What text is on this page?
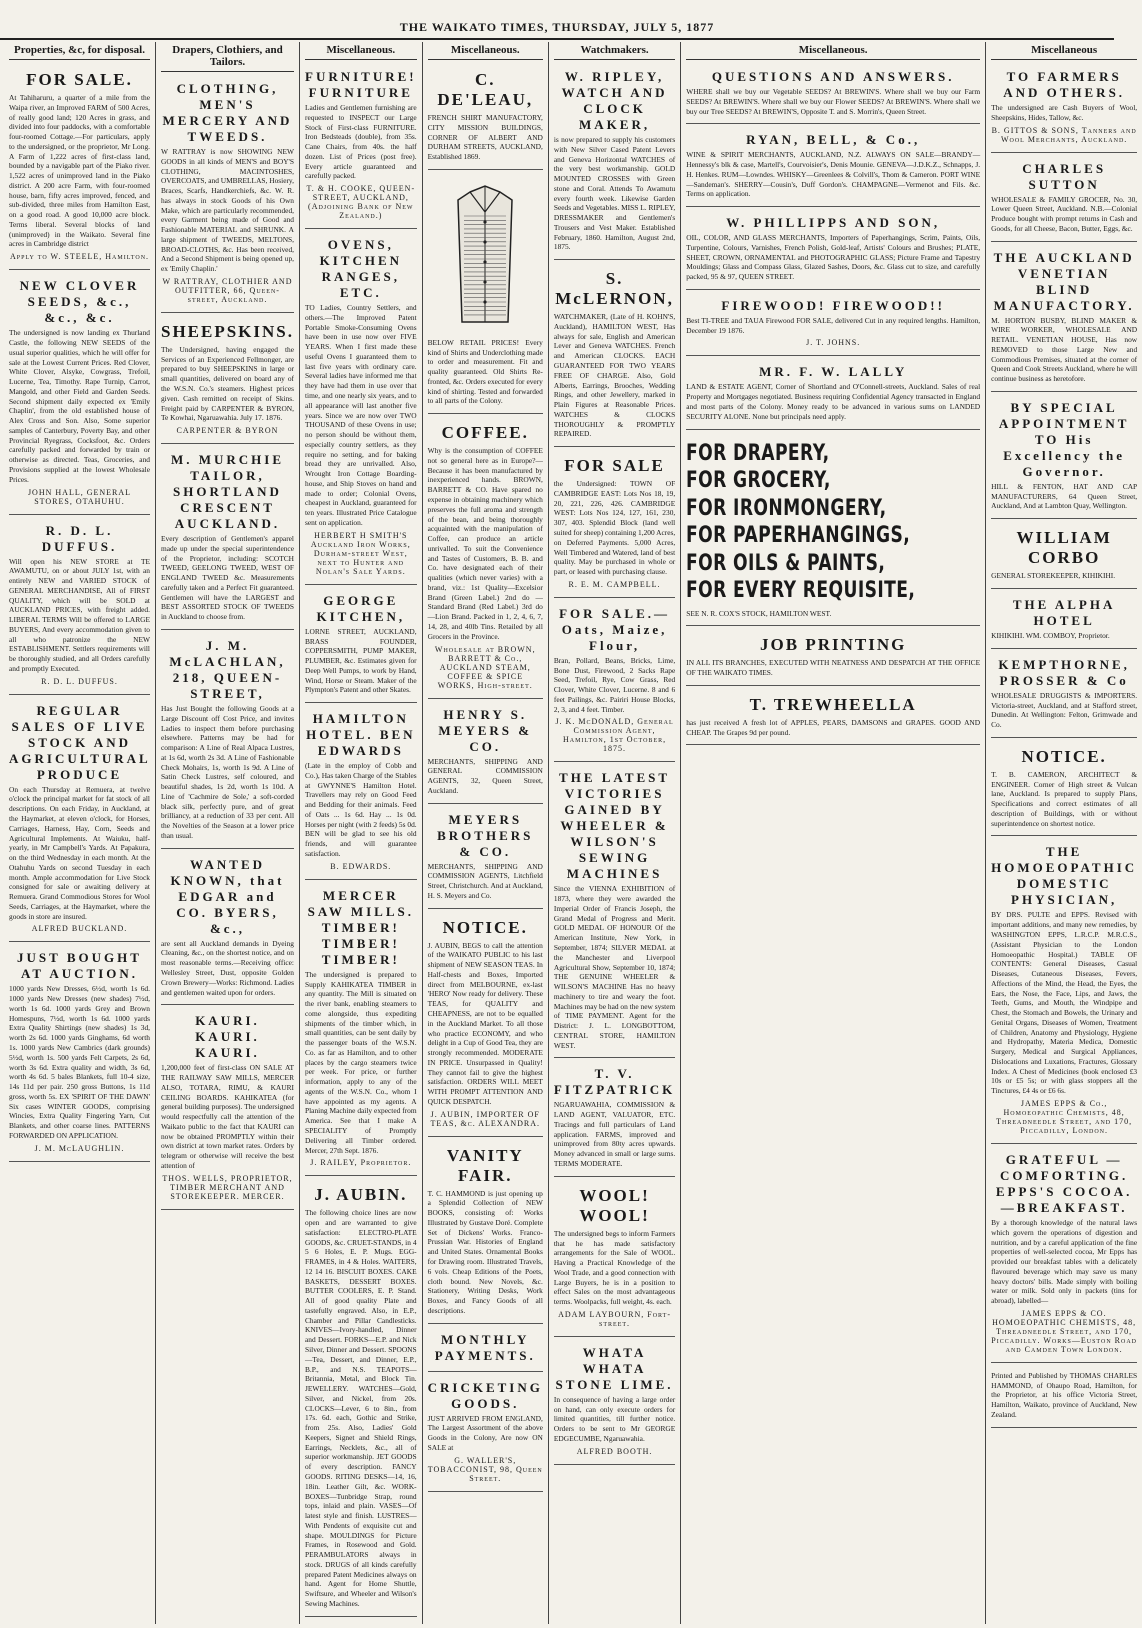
THE WAIKATO TIMES, THURSDAY, JULY 5, 1877
Properties, &c, for disposal.
FOR SALE.
At Tahiharuru, a quarter of a mile from the Waipa river, an Improved FARM of 500 Acres, of really good land; 120 Acres in grass, and divided into four paddocks, with a comfortable four-roomed Cottage.—For particulars, apply to the undersigned, or the proprietor, Mr Long. A Farm of 1,222 acres of first-class land, bounded by a navigable part of the Piako river. 1,522 acres of unimproved land in the Piako district. A 200 acre Farm, with four-roomed house, barn, fifty acres improved, fenced, and sub-divided, three miles from Hamilton East, on a good road. A good 10,000 acre block. Terms liberal. Several blocks of land (unimproved) in the Waikato. Several fine acres in Cambridge district
Apply to W. STEELE, Hamilton.
NEW CLOVER SEEDS, &c., &c., &c.
The undersigned is now landing ex Thurland Castle, the following NEW SEEDS of the usual superior qualities, which he will offer for sale at the Lowest Current Prices. Red Clover, White Clover, Alsyke, Cowgrass, Trefoil, Lucerne, Tea, Timothy. Rape Turnip, Carrot, Mangold, and other Field and Garden Seeds. Second shipment daily expected ex 'Emily Chaplin', from the old established house of Alex Cross and Son. Also, Some superior samples of Canterbury, Poverty Bay, and other Provincial Ryegrass, Cocksfoot, &c. Orders carefully packed and forwarded by train or otherwise as directed. Teas, Groceries, and Provisions supplied at the lowest Wholesale Prices.
JOHN HALL, GENERAL STORES, OTAHUHU.
R. D. L. DUFFUS.
Will open his NEW STORE at TE AWAMUTU, on or about JULY 1st, with an entirely NEW and VARIED STOCK of GENERAL MERCHANDISE, All of FIRST QUALITY, which will be SOLD at AUCKLAND PRICES, with freight added. LIBERAL TERMS Will be offered to LARGE BUYERS, And every accommodation given to all who patronize the NEW ESTABLISHMENT. Settlers requirements will be thoroughly studied, and all Orders carefully and promptly Executed.
R. D. L. DUFFUS.
REGULAR SALES OF LIVE STOCK AND AGRICULTURAL PRODUCE
On each Thursday at Remuera, at twelve o'clock the principal market for fat stock of all descriptions. On each Friday, in Auckland, at the Haymarket, at eleven o'clock, for Horses, Carriages, Harness, Hay, Corn, Seeds and Agricultural Implements. At Waiuku, half-yearly, in Mr Campbell's Yards. At Papakura, on the third Wednesday in each month. At the Otahuhu Yards on second Tuesday in each month. Ample accommodation for Live Stock consigned for sale or awaiting delivery at Remuera. Grand Commodious Stores for Wool Seeds, Carriages, at the Haymarket, where the goods in store are insured.
ALFRED BUCKLAND.
JUST BOUGHT AT AUCTION.
1000 yards New Dresses, 6½d, worth 1s 6d. 1000 yards New Dresses (new shades) 7½d, worth 1s 6d. 1000 yards Grey and Brown Homespuns, 7½d, worth 1s 6d. 1000 yards Extra Quality Shirtings (new shades) 1s 3d, worth 2s 6d. 1000 yards Ginghams, 6d worth 1s. 1000 yards New Cambrics (dark grounds) 5½d, worth 1s. 500 yards Felt Carpets, 2s 6d, worth 3s 6d. Extra quality and width, 3s 6d, worth 4s 6d. 5 bales Blankets, full 10-4 size, 14s 11d per pair. 250 gross Buttons, 1s 11d gross, worth 5s. EX 'SPIRIT OF THE DAWN' Six cases WINTER GOODS, comprising Wincies, Extra Quality Fingering Yarn, Cut Blankets, and other coarse lines. PATTERNS FORWARDED ON APPLICATION.
J. M. McLAUGHLIN.
Drapers, Clothiers, and Tailors.
CLOTHING, MEN'S MERCERY AND TWEEDS.
W RATTRAY is now SHOWING NEW GOODS in all kinds of MEN'S and BOY'S CLOTHING, MACINTOSHES, OVERCOATS, and UMBRELLAS, Hosiery, Braces, Scarfs, Handkerchiefs, &c. W. R. has always in stock Goods of his Own Make, which are particularly recommended, every Garment being made of Good and Fashionable MATERIAL and SHRUNK. A large shipment of TWEEDS, MELTONS, BROAD-CLOTHS, &c. Has been received, And a Second Shipment is being opened up, ex 'Emily Chaplin.'
W RATTRAY, CLOTHIER AND OUTFITTER, 66, Queen-street, Auckland.
SHEEPSKINS.
The Undersigned, having engaged the Services of an Experienced Fellmonger, are prepared to buy SHEEPSKINS in large or small quantities, delivered on board any of the W.S.N. Co.'s steamers. Highest prices given. Cash remitted on receipt of Skins. Freight paid by CARPENTER & BYRON, Te Kowhai, Ngaruawahia. July 17. 1876.
CARPENTER & BYRON
M. MURCHIE TAILOR, SHORTLAND CRESCENT AUCKLAND.
Every description of Gentlemen's apparel made up under the special superintendence of the Proprietor, including: SCOTCH TWEED, GEELONG TWEED, WEST OF ENGLAND TWEED &c. Measurements carefully taken and a Perfect Fit guaranteed. Gentlemen will have the LARGEST and BEST ASSORTED STOCK OF TWEEDS in Auckland to choose from.
J. M. McLACHLAN, 218, QUEEN-STREET,
Has Just Bought the following Goods at a Large Discount off Cost Price, and invites Ladies to inspect them before purchasing elsewhere. Patterns may be had for comparison: A Line of Real Alpaca Lustres, at 1s 6d, worth 2s 3d. A Line of Fashionable Check Mohairs, 1s, worth 1s 9d. A Line of Satin Check Lustres, self coloured, and beautiful shades, 1s 2d, worth 1s 10d. A Line of 'Cachmire de Sole,' a soft-corded black silk, perfectly pure, and of great brilliancy, at a reduction of 33 per cent. All the Novelties of the Season at a lower price than usual.
WANTED KNOWN, that EDGAR and CO. BYERS, &c.,
are sent all Auckland demands in Dyeing Cleaning, &c., on the shortest notice, and on most reasonable terms.—Receiving office: Wellesley Street, Dust, opposite Golden Crown Brewery—Works: Richmond. Ladies and gentlemen waited upon for orders.
KAURI. KAURI. KAURI.
1,200,000 feet of first-class ON SALE AT THE RAILWAY SAW MILLS, MERCER ALSO, TOTARA, RIMU, & KAURI CEILING BOARDS. KAHIKATEA (for general building purposes). The undersigned would respectfully call the attention of the Waikato public to the fact that KAURI can now be obtained PROMPTLY within their own district at town market rates. Orders by telegram or otherwise will receive the best attention of
THOS. WELLS, PROPRIETOR, TIMBER MERCHANT AND STOREKEEPER. MERCER.
Miscellaneous.
FURNITURE! FURNITURE
Ladies and Gentlemen furnishing are requested to INSPECT our Large Stock of First-class FURNITURE. Iron Bedsteads (double), from 35s. Cane Chairs, from 40s. the half dozen. List of Prices (post free). Every article guaranteed and carefully packed.
T. & H. COOKE, QUEEN-STREET, AUCKLAND, (Adjoining Bank of New Zealand.)
OVENS, KITCHEN RANGES, ETC.
TO Ladies, Country Settlers, and others.—The Improved Patent Portable Smoke-Consuming Ovens have been in use now over FIVE YEARS. When I first made these useful Ovens I guaranteed them to last five years with ordinary care. Several ladies have informed me that they have had them in use over that time, and one nearly six years, and to all appearance will last another five years. Since we are now over TWO THOUSAND of these Ovens in use; no person should be without them, especially country settlers, as they require no setting, and for baking bread they are unrivalled. Also, Wrought Iron Cottage Boarding-house, and Ship Stoves on hand and made to order; Colonial Ovens, cheapest in Auckland, guaranteed for ten years. Illustrated Price Catalogue sent on application.
HERBERT H SMITH'S Auckland Iron Works, Durham-street West, next to Hunter and Nolan's Sale Yards.
GEORGE KITCHEN,
LORNE STREET, AUCKLAND, BRASS FOUNDER, COPPERSMITH, PUMP MAKER, PLUMBER, &c. Estimates given for Deep Well Pumps, to work by Hand, Wind, Horse or Steam. Maker of the Plympton's Patent and other Skates.
HAMILTON HOTEL. BEN EDWARDS
(Late in the employ of Cobb and Co.), Has taken Charge of the Stables at GWYNNE'S Hamilton Hotel. Travellers may rely on Good Feed and Bedding for their animals. Feed of Oats ... 1s 6d. Hay ... 1s 0d. Horses per night (with 2 feeds) 5s 0d. BEN will be glad to see his old friends, and will guarantee satisfaction.
B. EDWARDS.
MERCER SAW MILLS. TIMBER! TIMBER! TIMBER!
The undersigned is prepared to Supply KAHIKATEA TIMBER in any quantity. The Mill is situated on the river bank, enabling steamers to come alongside, thus expediting shipments of the timber which, in small quantities, can be sent daily by the passenger boats of the W.S.N. Co. as far as Hamilton, and to other places by the cargo steamers twice per week. For price, or further information, apply to any of the agents of the W.S.N. Co., whom I have appointed as my agents. A Planing Machine daily expected from America. See that I make A SPECIALITY of Promptly Delivering all Timber ordered. Mercer, 27th Sept. 1876.
J. RAILEY, Proprietor.
J. AUBIN.
The following choice lines are now open and are warranted to give satisfaction: ELECTRO-PLATE GOODS, &c. CRUET-STANDS, in 4 5 6 Holes, E. P. Mugs. EGG-FRAMES, in 4 & Holes. WAITERS, 12 14 16. BISCUIT BOXES. CAKE BASKETS, DESSERT BOXES. BUTTER COOLERS, E. P. Stand. All of good quality Plate and tastefully engraved. Also, in E.P., Chamber and Pillar Candlesticks. KNIVES—Ivory-handled, Dinner and Dessert. FORKS—E.P. and Nick Silver, Dinner and Dessert. SPOONS—Tea, Dessert, and Dinner, E.P., B.P., and N.S. TEAPOTS—Britannia, Metal, and Block Tin. JEWELLERY. WATCHES—Gold, Silver, and Nickel, from 20s. CLOCKS—Lever, 6 to 8in., from 17s. 6d. each, Gothic and Strike, from 25s. Also, Ladies' Gold Keepers, Signet and Shield Rings, Earrings, Necklets, &c., all of superior workmanship. JET GOODS of every description. FANCY GOODS. RITING DESKS—14, 16, 18in. Leather Gilt, &c. WORK-BOXES—Tunbridge Strap, round tops, inlaid and plain. VASES—Of latest style and finish. LUSTRES—With Pendents of exquisite cut and shape. MOULDINGS for Picture Frames, in Rosewood and Gold. PERAMBULATORS always in stock. DRUGS of all kinds carefully prepared Patent Medicines always on hand. Agent for Home Shuttle, Swiftsure, and Wheeler and Wilson's Sewing Machines.
Miscellaneous.
C. DE'LEAU,
FRENCH SHIRT MANUFACTORY, CITY MISSION BUILDINGS, CORNER OF ALBERT AND DURHAM STREETS, AUCKLAND, Established 1869.
BELOW RETAIL PRICES! Every kind of Shirts and Underclothing made to order and measurement. Fit and quality guaranteed. Old Shirts Re-fronted, &c. Orders executed for every kind of shirting. Tested and forwarded to all parts of the Colony.
COFFEE.
Why is the consumption of COFFEE not so general here as in Europe?—Because it has been manufactured by inexperienced hands. BROWN, BARRETT & CO. Have spared no expense in obtaining machinery which preserves the full aroma and strength of the bean, and being thoroughly acquainted with the manipulation of Coffee, can produce an article unrivalled. To suit the Convenience and Tastes of Customers, B. B. and Co. have designated each of their qualities (which never varies) with a brand, viz.: 1st Quality—Excelsior Brand (Green Label.) 2nd do —Standard Brand (Red Label.) 3rd do —Lion Brand. Packed in 1, 2, 4, 6, 7, 14, 28, and 40lb Tins. Retailed by all Grocers in the Province.
Wholesale at BROWN, BARRETT & Co., AUCKLAND STEAM, COFFEE & SPICE WORKS, High-street.
HENRY S. MEYERS & CO.
MERCHANTS, SHIPPING AND GENERAL COMMISSION AGENTS, 32, Queen Street, Auckland.
MEYERS BROTHERS & CO.
MERCHANTS, SHIPPING AND COMMISSION AGENTS, Litchfield Street, Christchurch. And at Auckland, H. S. Meyers and Co.
NOTICE.
J. AUBIN, BEGS to call the attention of the WAIKATO PUBLIC to his last shipment of NEW SEASON TEAS. In Half-chests and Boxes, Imported direct from MELBOURNE, ex-last 'HERO' Now ready for delivery. These TEAS, for QUALITY and CHEAPNESS, are not to be equalled in the Auckland Market. To all those who practice ECONOMY, and who delight in a Cup of Good Tea, they are strongly recommended. MODERATE IN PRICE. Unsurpassed in Quality! They cannot fail to give the highest satisfaction. ORDERS WILL MEET WITH PROMPT ATTENTION AND QUICK DESPATCH.
J. AUBIN, IMPORTER OF TEAS, &c. ALEXANDRA.
VANITY FAIR.
T. C. HAMMOND is just opening up a Splendid Collection of NEW BOOKS, consisting of: Works Illustrated by Gustave Doré. Complete Set of Dickens' Works. Franco-Prussian War. Histories of England and United States. Ornamental Books for Drawing room. Illustrated Travels, 6 vols. Cheap Editions of the Poets, cloth bound. New Novels, &c. Stationery, Writing Desks, Work Boxes, and Fancy Goods of all descriptions.
MONTHLY PAYMENTS.
CRICKETING GOODS.
JUST ARRIVED FROM ENGLAND, The Largest Assortment of the above Goods in the Colony, Are now ON SALE at
G. WALLER'S, TOBACCONIST, 98, Queen Street.
Watchmakers.
W. RIPLEY, WATCH AND CLOCK MAKER,
is now prepared to supply his customers with New Silver Cased Patent Levers and Geneva Horizontal WATCHES of the very best workmanship. GOLD MOUNTED CROSSES with Green stone and Coral. Attends To Awamutu every fourth week. Likewise Garden Seeds and Vegetables. MISS L. RIPLEY, DRESSMAKER and Gentlemen's Trousers and Vest Maker. Established February, 1860. Hamilton, August 2nd, 1875.
S. McLERNON,
WATCHMAKER, (Late of H. KOHN'S, Auckland), HAMILTON WEST, Has always for sale, English and American Lever and Geneva WATCHES. French and American CLOCKS. EACH GUARANTEED FOR TWO YEARS FREE OF CHARGE. Also, Gold Alberts, Earrings, Brooches, Wedding Rings, and other Jewellery, marked in Plain Figures at Reasonable Prices. WATCHES & CLOCKS THOROUGHLY & PROMPTLY REPAIRED.
FOR SALE
the Undersigned: TOWN OF CAMBRIDGE EAST: Lots Nos 18, 19, 20, 221, 226, 426. CAMBRIDGE WEST: Lots Nos 124, 127, 161, 230, 307, 403. Splendid Block (land well suited for sheep) containing 1,200 Acres, on Deferred Payments. 5,000 Acres, Well Timbered and Watered, land of best quality. May be purchased in whole or part, or leased with purchasing clause.
R. E. M. CAMPBELL.
FOR SALE.—Oats, Maize, Flour,
Bran, Pollard, Beans, Bricks, Lime, Bone Dust, Firewood, 2 Sacks Rape Seed, Trefoil, Rye, Cow Grass, Red Clover, White Clover, Lucerne. 8 and 6 feet Pailings, &c. Pairiri House Blocks, 2, 3, and 4 feet. Timber.
J. K. McDONALD, General Commission Agent, Hamilton, 1st October, 1875.
THE LATEST VICTORIES GAINED BY WHEELER & WILSON'S SEWING MACHINES
Since the VIENNA EXHIBITION of 1873, where they were awarded the Imperial Order of Francis Joseph, the Grand Medal of Progress and Merit. GOLD MEDAL OF HONOUR Of the American Institute, New York, in September, 1874; SILVER MEDAL at the Manchester and Liverpool Agricultural Show, September 10, 1874; THE GENUINE WHEELER & WILSON'S MACHINE Has no heavy machinery to tire and weary the foot. Machines may be had on the new system of TIME PAYMENT. Agent for the District: J. L. LONGBOTTOM, CENTRAL STORE, HAMILTON WEST.
T. V. FITZPATRICK
NGARUAWAHIA, COMMISSION & LAND AGENT, VALUATOR, ETC. Tracings and full particulars of Land application. FARMS, improved and unimproved from 80ty acres upwards. Money advanced in small or large sums. TERMS MODERATE.
WOOL! WOOL!
The undersigned begs to inform Farmers that he has made satisfactory arrangements for the Sale of WOOL. Having a Practical Knowledge of the Wool Trade, and a good connection with Large Buyers, he is in a position to effect Sales on the most advantageous terms. Woolpacks, full weight, 4s. each.
ADAM LAYBOURN, Fort-street.
WHATA WHATA STONE LIME.
In consequence of having a large order on hand, can only execute orders for limited quantities, till further notice. Orders to be sent to Mr GEORGE EDGECUMBE, Ngaruawahia.
ALFRED BOOTH.
Miscellaneous.
QUESTIONS AND ANSWERS.
WHERE shall we buy our Vegetable SEEDS? At BREWIN'S. Where shall we buy our Farm SEEDS? At BREWIN'S. Where shall we buy our Flower SEEDS? At BREWIN'S. Where shall we buy our Tree SEEDS? At BREWIN'S, Opposite T. and S. Morrin's, Queen Street.
RYAN, BELL, & Co.,
WINE & SPIRIT MERCHANTS, AUCKLAND, N.Z. ALWAYS ON SALE—BRANDY—Hennessy's blk & case, Martell's, Courvoisier's, Denis Mounie. GENEVA—J.D.K.Z., Schnapps, J. H. Henkes. RUM—Lowndes. WHISKY—Greenlees & Colvill's, Thom & Cameron. PORT WINE—Sandeman's. SHERRY—Cousin's, Duff Gordon's. CHAMPAGNE—Vermenot and Fils. &c. Terms on application.
W. PHILLIPPS AND SON,
OIL, COLOR, AND GLASS MERCHANTS, Importers of Paperhangings, Scrim, Paints, Oils, Turpentine, Colours, Varnishes, French Polish, Gold-leaf, Artists' Colours and Brushes; PLATE, SHEET, CROWN, ORNAMENTAL and PHOTOGRAPHIC GLASS; Picture Frame and Tapestry Mouldings; Glass and Compass Glass, Glazed Sashes, Doors, &c. Glass cut to size, and carefully packed, 95 & 97, QUEEN STREET.
FIREWOOD! FIREWOOD!!
Best TI-TREE and TAUA Firewood FOR SALE, delivered Cut in any required lengths. Hamilton, December 19 1876.
J. T. JOHNS.
MR. F. W. LALLY
LAND & ESTATE AGENT, Corner of Shortland and O'Connell-streets, Auckland. Sales of real Property and Mortgages negotiated. Business requiring Confidential Agency transacted in England and most parts of the Colony. Money ready to be advanced in various sums on LANDED SECURITY ALONE. None but principals need apply.
FOR DRAPERY,
FOR GROCERY,
FOR IRONMONGERY,
FOR PAPERHANGINGS,
FOR OILS & PAINTS,
FOR EVERY REQUISITE,
SEE N. R. COX'S STOCK, HAMILTON WEST.
JOB PRINTING
IN ALL ITS BRANCHES, EXECUTED WITH NEATNESS AND DESPATCH AT THE OFFICE OF THE WAIKATO TIMES.
T. TREWHEELLA
has just received A fresh lot of APPLES, PEARS, DAMSONS and GRAPES. GOOD AND CHEAP. The Grapes 9d per pound.
Miscellaneous
TO FARMERS AND OTHERS.
The undersigned are Cash Buyers of Wool, Sheepskins, Hides, Tallow, &c.
B. GITTOS & SONS, Tanners and Wool Merchants, Auckland.
CHARLES SUTTON
WHOLESALE & FAMILY GROCER, No. 30, Lower Queen Street, Auckland. N.B.—Colonial Produce bought with prompt returns in Cash and Goods, for all Cheese, Bacon, Butter, Eggs, &c.
THE AUCKLAND VENETIAN BLIND MANUFACTORY.
M. HORTON BUSBY, BLIND MAKER & WIRE WORKER, WHOLESALE AND RETAIL. VENETIAN HOUSE, Has now REMOVED to those Large New and Commodious Premises, situated at the corner of Queen and Cook Streets Auckland, where he will continue business as heretofore.
BY SPECIAL APPOINTMENT TO His Excellency the Governor.
HILL & FENTON, HAT AND CAP MANUFACTURERS, 64 Queen Street, Auckland, And at Lambton Quay, Wellington.
WILLIAM CORBO
GENERAL STOREKEEPER, KIHIKIHI.
THE ALPHA HOTEL
KIHIKIHI. WM. COMBOY, Proprietor.
KEMPTHORNE, PROSSER & Co
WHOLESALE DRUGGISTS & IMPORTERS. Victoria-street, Auckland, and at Stafford street, Dunedin. At Wellington: Felton, Grimwade and Co.
NOTICE.
T. B. CAMERON, ARCHITECT & ENGINEER. Corner of High street & Vulcan lane, Auckland. Is prepared to supply Plans, Specifications and correct estimates of all description of Buildings, with or without superintendence on shortest notice.
THE HOMOEOPATHIC DOMESTIC PHYSICIAN,
BY DRS. PULTE and EPPS. Revised with important additions, and many new remedies, by WASHINGTON EPPS, L.R.C.P. M.R.C.S., (Assistant Physician to the London Homoeopathic Hospital.) TABLE OF CONTENTS: General Diseases, Casual Diseases, Cutaneous Diseases, Fevers, Affections of the Mind, the Head, the Eyes, the Ears, the Nose, the Face, Lips, and Jaws, the Teeth, Gums, and Mouth, the Windpipe and Chest, the Stomach and Bowels, the Urinary and Genital Organs, Diseases of Women, Treatment of Children, Anatomy and Physiology, Hygiene and Hydropathy, Materia Medica, Domestic Surgery, Medical and Surgical Appliances, Dislocations and Luxations, Fractures, Glossary Index. A Chest of Medicines (book enclosed £3 10s or £5 5s; or with glass stoppers all the Tinctures, £4 4s or £6 6s.
JAMES EPPS & Co., Homoeopathic Chemists, 48, Threadneedle Street, and 170, Piccadilly, London.
GRATEFUL — COMFORTING. EPPS'S COCOA.—BREAKFAST.
By a thorough knowledge of the natural laws which govern the operations of digestion and nutrition, and by a careful application of the fine properties of well-selected cocoa, Mr Epps has provided our breakfast tables with a delicately flavoured beverage which may save us many heavy doctors' bills. Made simply with boiling water or milk. Sold only in packets (tins for abroad), labelled—
JAMES EPPS & CO. HOMOEOPATHIC CHEMISTS, 48, Threadneedle Street, and 170, Piccadilly. Works—Euston Road and Camden Town London.
Printed and Published by THOMAS CHARLES HAMMOND, of Ohaupo Road, Hamilton, for the Proprietor, at his office Victoria Street, Hamilton, Waikato, province of Auckland, New Zealand.
